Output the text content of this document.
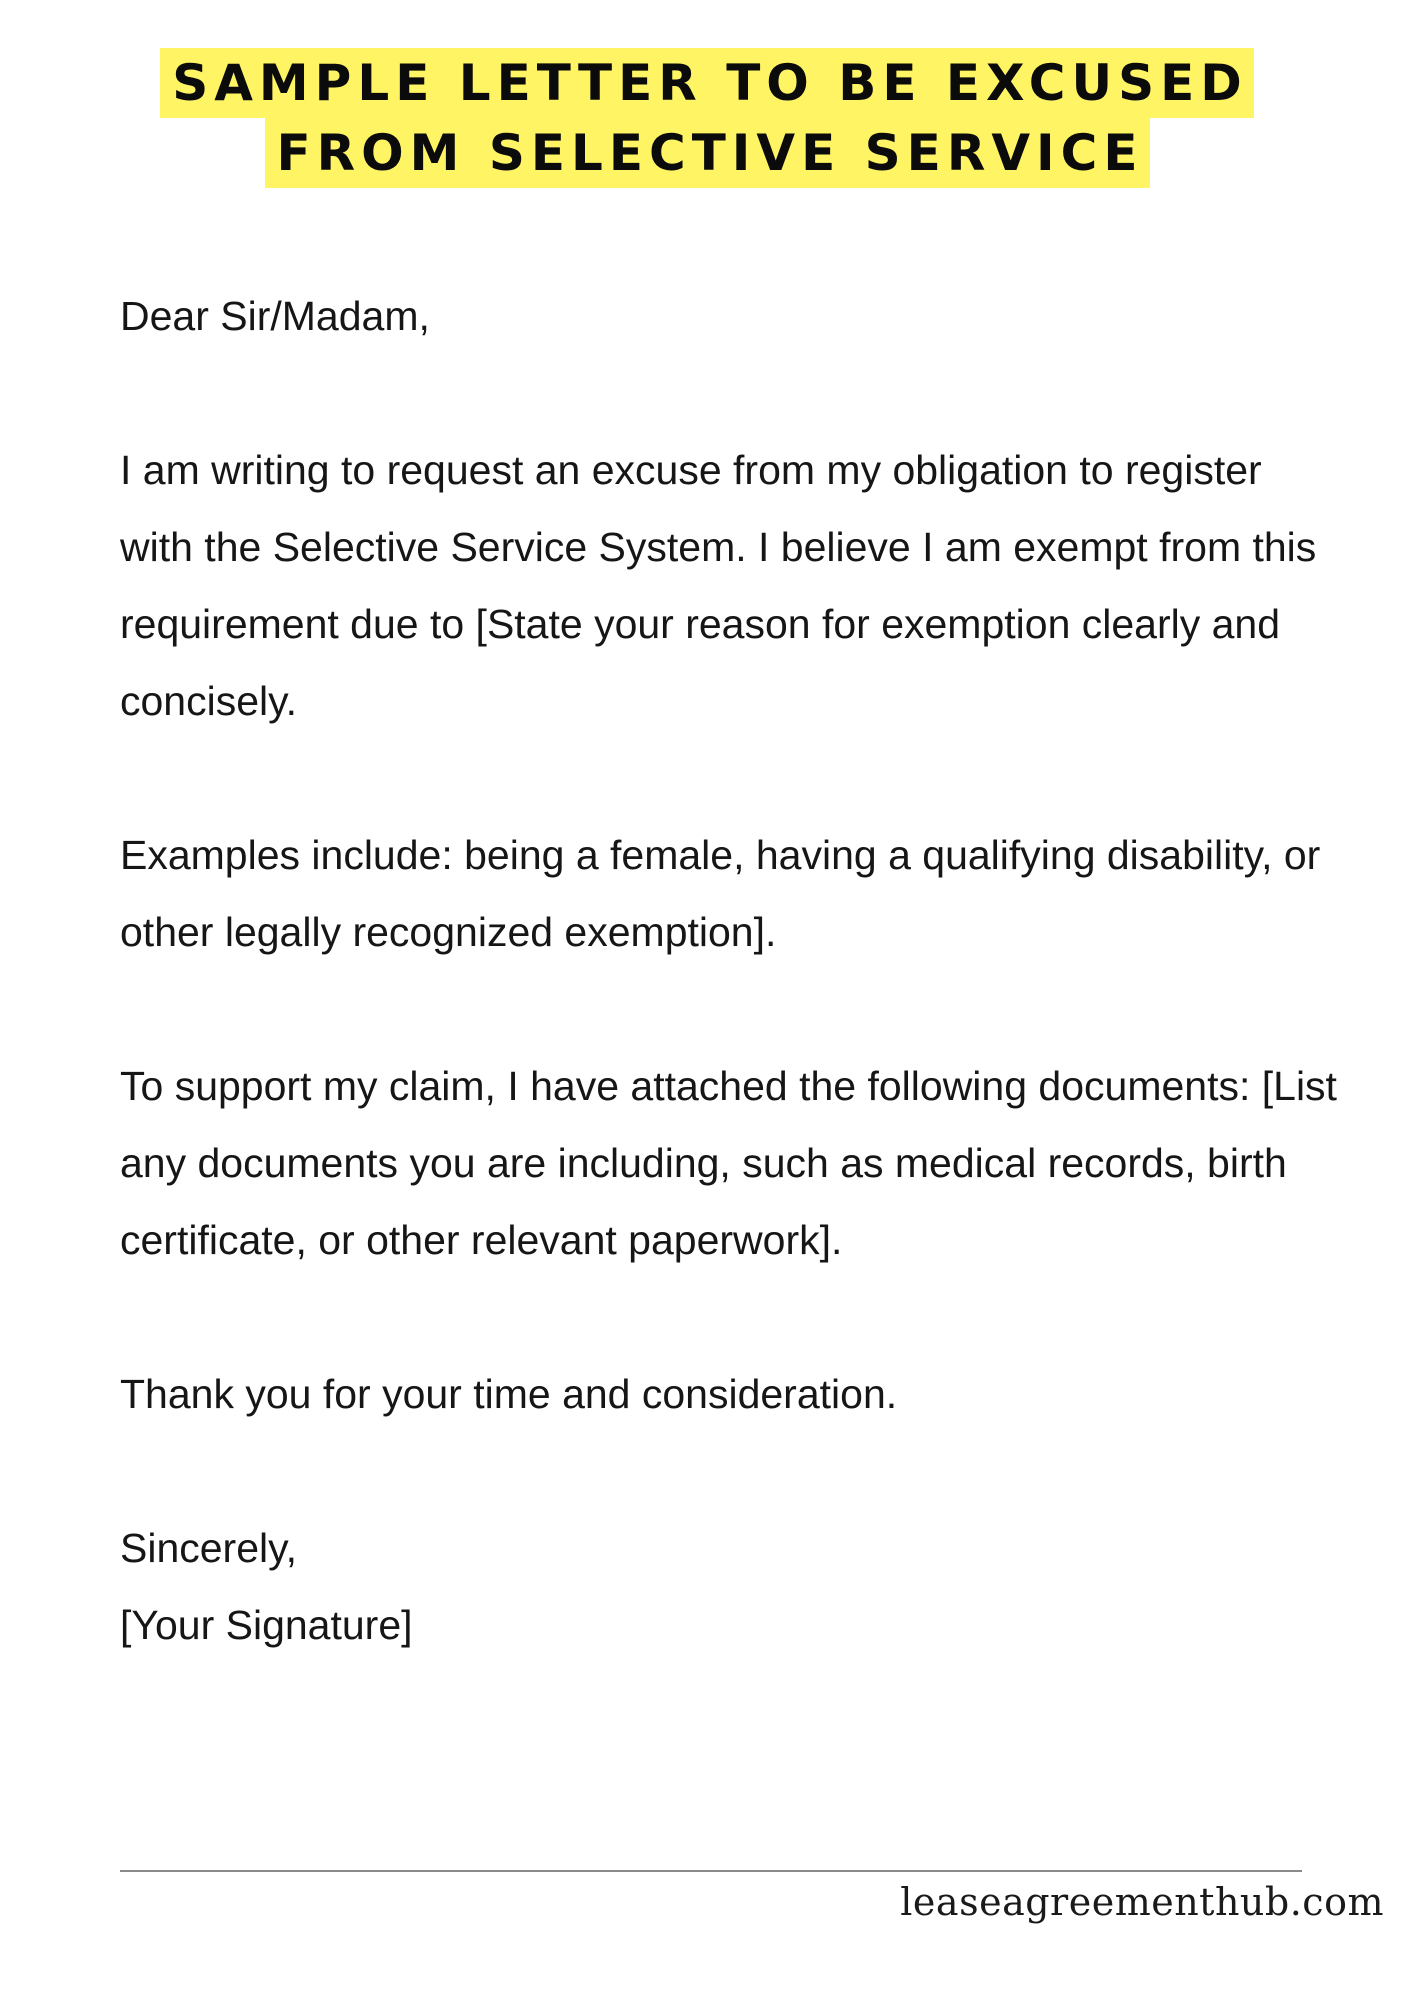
SAMPLE LETTER TO BE EXCUSED
FROM SELECTIVE SERVICE

Dear Sir/Madam,

I am writing to request an excuse from my obligation to register with the Selective Service System. I believe I am exempt from this requirement due to [State your reason for exemption clearly and concisely.

Examples include: being a female, having a qualifying disability, or other legally recognized exemption].

To support my claim, I have attached the following documents: [List any documents you are including, such as medical records, birth certificate, or other relevant paperwork].

Thank you for your time and consideration.

Sincerely,

[Your Signature]

leaseagreementhub.com
